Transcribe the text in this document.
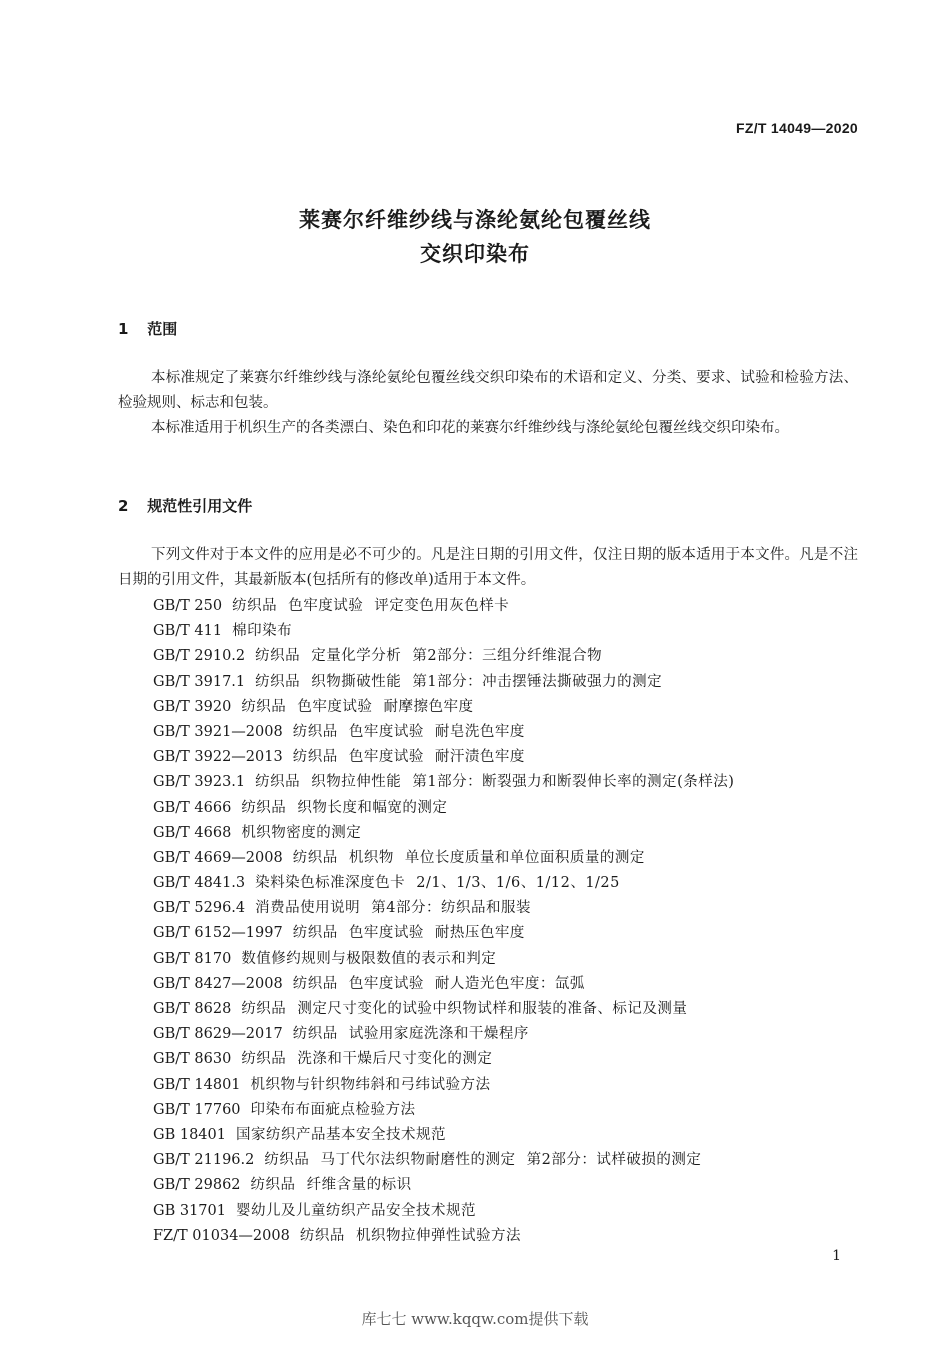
FZ/T 14049—2020
莱赛尔纤维纱线与涤纶氨纶包覆丝线
交织印染布
1 范围
本标准规定了莱赛尔纤维纱线与涤纶氨纶包覆丝线交织印染布的术语和定义、分类、要求、试验和检验方法、检验规则、标志和包装。
本标准适用于机织生产的各类漂白、染色和印花的莱赛尔纤维纱线与涤纶氨纶包覆丝线交织印染布。
2 规范性引用文件
下列文件对于本文件的应用是必不可少的。凡是注日期的引用文件，仅注日期的版本适用于本文件。凡是不注日期的引用文件，其最新版本(包括所有的修改单)适用于本文件。
GB/T 250 纺织品 色牢度试验 评定变色用灰色样卡
GB/T 411 棉印染布
GB/T 2910.2 纺织品 定量化学分析 第2部分：三组分纤维混合物
GB/T 3917.1 纺织品 织物撕破性能 第1部分：冲击摆锤法撕破强力的测定
GB/T 3920 纺织品 色牢度试验 耐摩擦色牢度
GB/T 3921—2008 纺织品 色牢度试验 耐皂洗色牢度
GB/T 3922—2013 纺织品 色牢度试验 耐汗渍色牢度
GB/T 3923.1 纺织品 织物拉伸性能 第1部分：断裂强力和断裂伸长率的测定(条样法)
GB/T 4666 纺织品 织物长度和幅宽的测定
GB/T 4668 机织物密度的测定
GB/T 4669—2008 纺织品 机织物 单位长度质量和单位面积质量的测定
GB/T 4841.3 染料染色标准深度色卡 2/1、1/3、1/6、1/12、1/25
GB/T 5296.4 消费品使用说明 第4部分：纺织品和服装
GB/T 6152—1997 纺织品 色牢度试验 耐热压色牢度
GB/T 8170 数值修约规则与极限数值的表示和判定
GB/T 8427—2008 纺织品 色牢度试验 耐人造光色牢度：氙弧
GB/T 8628 纺织品 测定尺寸变化的试验中织物试样和服装的准备、标记及测量
GB/T 8629—2017 纺织品 试验用家庭洗涤和干燥程序
GB/T 8630 纺织品 洗涤和干燥后尺寸变化的测定
GB/T 14801 机织物与针织物纬斜和弓纬试验方法
GB/T 17760 印染布布面疵点检验方法
GB 18401 国家纺织产品基本安全技术规范
GB/T 21196.2 纺织品 马丁代尔法织物耐磨性的测定 第2部分：试样破损的测定
GB/T 29862 纺织品 纤维含量的标识
GB 31701 婴幼儿及儿童纺织产品安全技术规范
FZ/T 01034—2008 纺织品 机织物拉伸弹性试验方法
1
库七七 www.kqqw.com提供下载
